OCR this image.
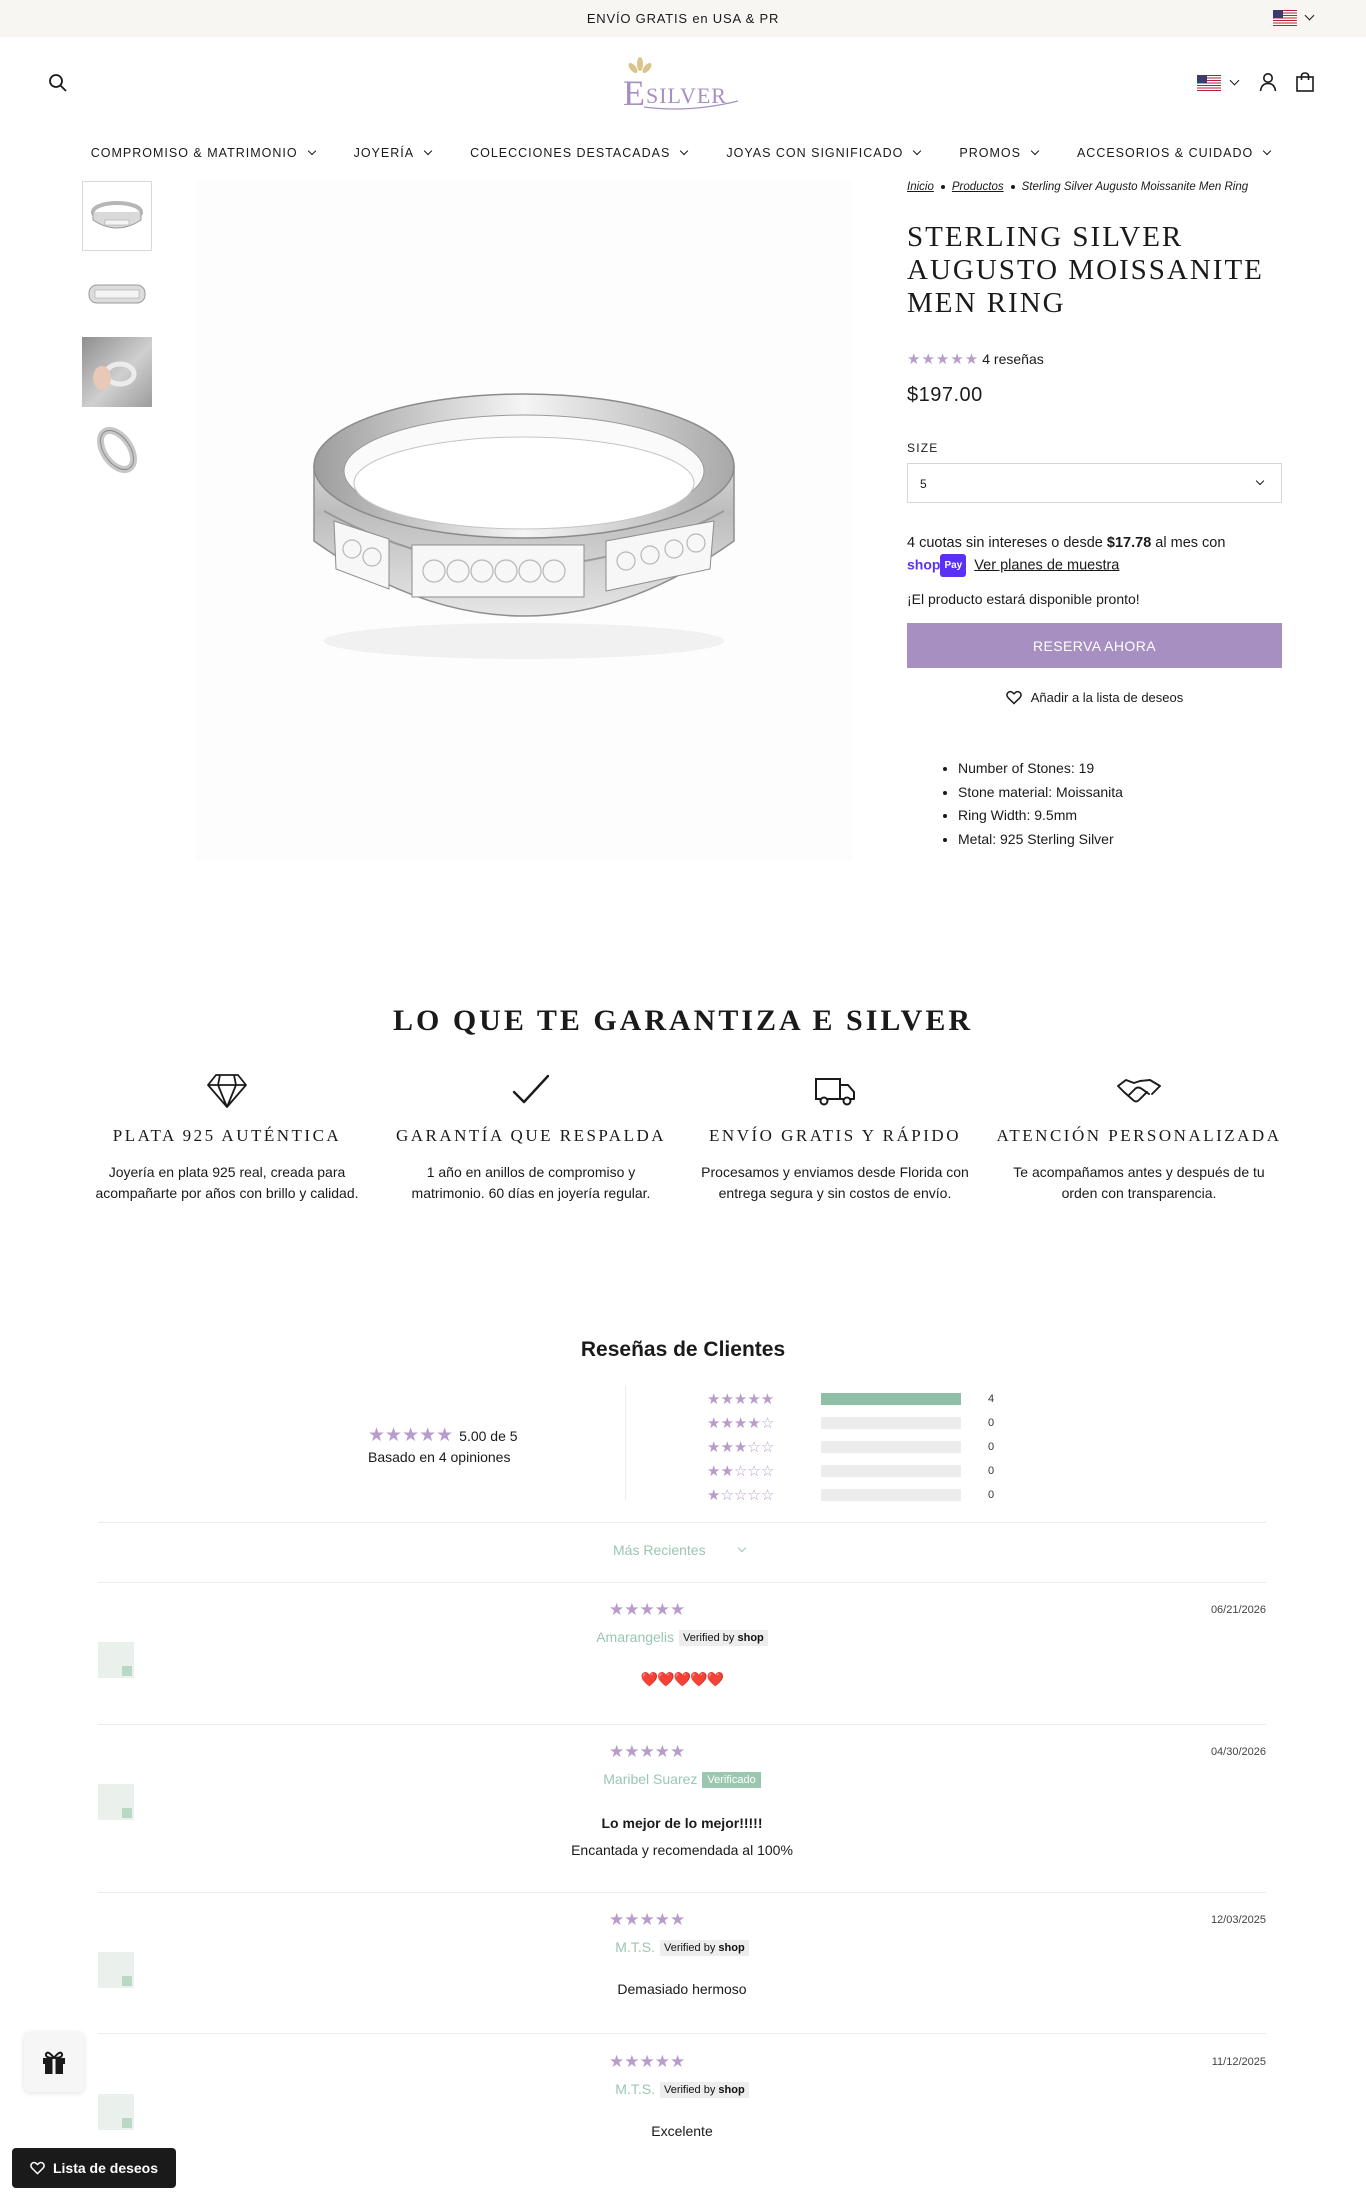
ENVÍO GRATIS en USA & PR
E SILVER
COMPROMISO & MATRIMONIO	JOYERÍA	COLECCIONES DESTACADAS	JOYAS CON SIGNIFICADO	PROMOS	ACCESORIOS & CUIDADO
Inicio Productos Sterling Silver Augusto Moissanite Men Ring
STERLING SILVER AUGUSTO MOISSANITE MEN RING
★★★★★ 4 reseñas
$197.00
SIZE
5
4 cuotas sin intereses o desde $17.78 al mes con
shop Pay Ver planes de muestra
¡El producto estará disponible pronto!
RESERVA AHORA
Añadir a la lista de deseos
• Number of Stones: 19
• Stone material: Moissanita
• Ring Width: 9.5mm
• Metal: 925 Sterling Silver
LO QUE TE GARANTIZA E SILVER
PLATA 925 AUTÉNTICA
Joyería en plata 925 real, creada para acompañarte por años con brillo y calidad.
GARANTÍA QUE RESPALDA
1 año en anillos de compromiso y matrimonio. 60 días en joyería regular.
ENVÍO GRATIS Y RÁPIDO
Procesamos y enviamos desde Florida con entrega segura y sin costos de envío.
ATENCIÓN PERSONALIZADA
Te acompañamos antes y después de tu orden con transparencia.
Reseñas de Clientes
★★★★★ 5.00 de 5
Basado en 4 opiniones
★★★★★	4
★★★★☆	0
★★★☆☆	0
★★☆☆☆	0
★☆☆☆☆	0
Más Recientes
★★★★★	06/21/2026
Amarangelis Verified by shop
❤️❤️❤️❤️❤️
★★★★★	04/30/2026
Maribel Suarez Verificado
Lo mejor de lo mejor!!!!!
Encantada y recomendada al 100%
★★★★★	12/03/2025
M.T.S. Verified by shop
Demasiado hermoso
★★★★★	11/12/2025
M.T.S. Verified by shop
Excelente
Lista de deseos
